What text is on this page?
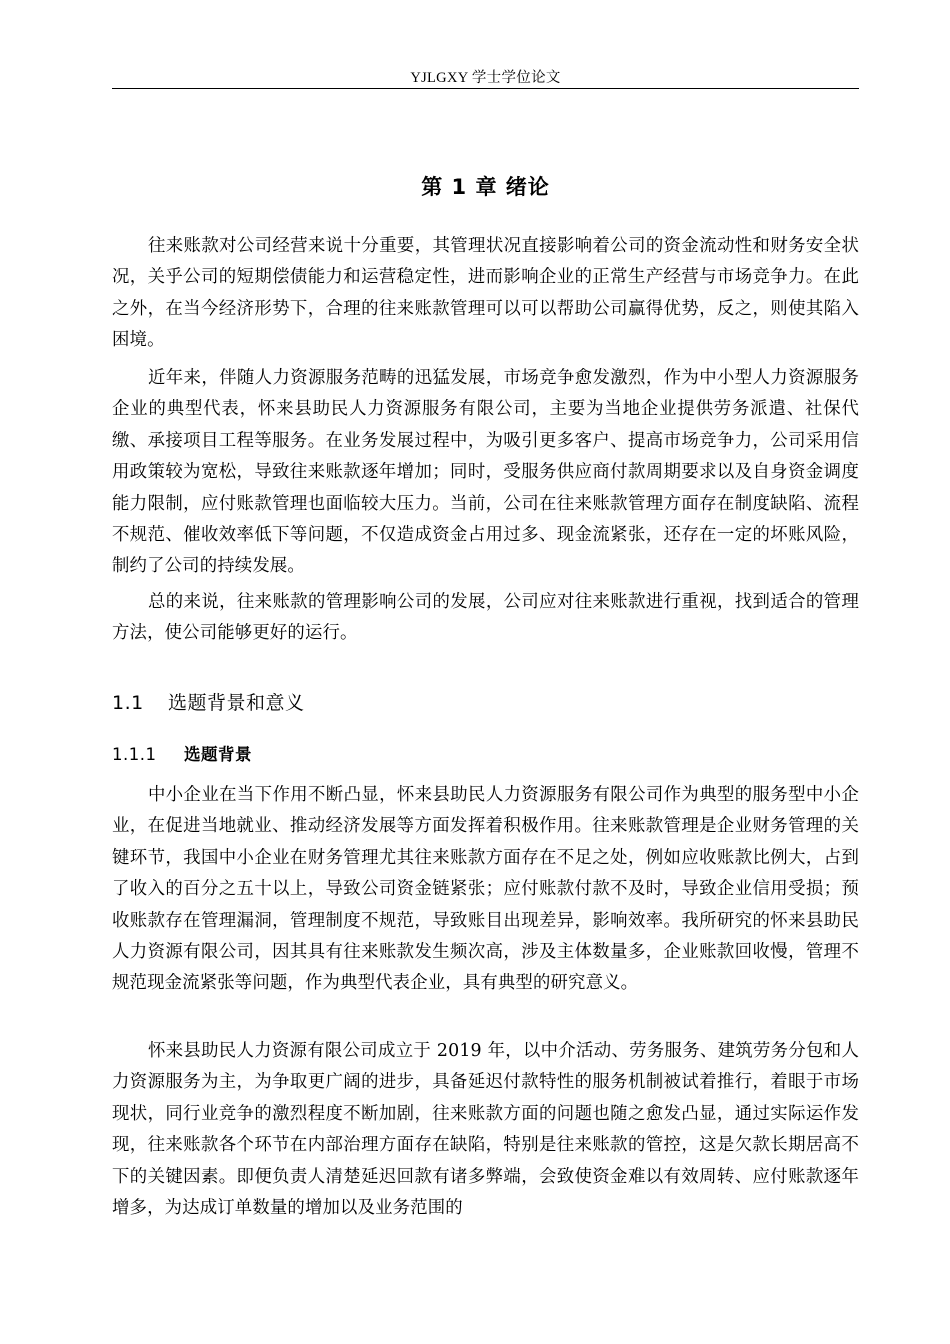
YJLGXY 学士学位论文
第 1 章 绪论

往来账款对公司经营来说十分重要，其管理状况直接影响着公司的资金流动性和财务安全状况，关乎公司的短期偿债能力和运营稳定性，进而影响企业的正常生产经营与市场竞争力。在此之外，在当今经济形势下，合理的往来账款管理可以可以帮助公司赢得优势，反之，则使其陷入困境。

近年来，伴随人力资源服务范畴的迅猛发展，市场竞争愈发激烈，作为中小型人力资源服务企业的典型代表，怀来县助民人力资源服务有限公司，主要为当地企业提供劳务派遣、社保代缴、承接项目工程等服务。在业务发展过程中，为吸引更多客户、提高市场竞争力，公司采用信用政策较为宽松，导致往来账款逐年增加；同时，受服务供应商付款周期要求以及自身资金调度能力限制，应付账款管理也面临较大压力。当前，公司在往来账款管理方面存在制度缺陷、流程不规范、催收效率低下等问题，不仅造成资金占用过多、现金流紧张，还存在一定的坏账风险，制约了公司的持续发展。

总的来说，往来账款的管理影响公司的发展，公司应对往来账款进行重视，找到适合的管理方法，使公司能够更好的运行。

1.1 选题背景和意义
1.1.1 选题背景

中小企业在当下作用不断凸显，怀来县助民人力资源服务有限公司作为典型的服务型中小企业，在促进当地就业、推动经济发展等方面发挥着积极作用。往来账款管理是企业财务管理的关键环节，我国中小企业在财务管理尤其往来账款方面存在不足之处，例如应收账款比例大，占到了收入的百分之五十以上，导致公司资金链紧张；应付账款付款不及时，导致企业信用受损；预收账款存在管理漏洞，管理制度不规范，导致账目出现差异，影响效率。我所研究的怀来县助民人力资源有限公司，因其具有往来账款发生频次高，涉及主体数量多，企业账款回收慢，管理不规范现金流紧张等问题，作为典型代表企业，具有典型的研究意义。

怀来县助民人力资源有限公司成立于 2019 年，以中介活动、劳务服务、建筑劳务分包和人力资源服务为主，为争取更广阔的进步，具备延迟付款特性的服务机制被试着推行，着眼于市场现状，同行业竞争的激烈程度不断加剧，往来账款方面的问题也随之愈发凸显，通过实际运作发现，往来账款各个环节在内部治理方面存在缺陷，特别是往来账款的管控，这是欠款长期居高不下的关键因素。即便负责人清楚延迟回款有诸多弊端，会致使资金难以有效周转、应付账款逐年增多，为达成订单数量的增加以及业务范围的
